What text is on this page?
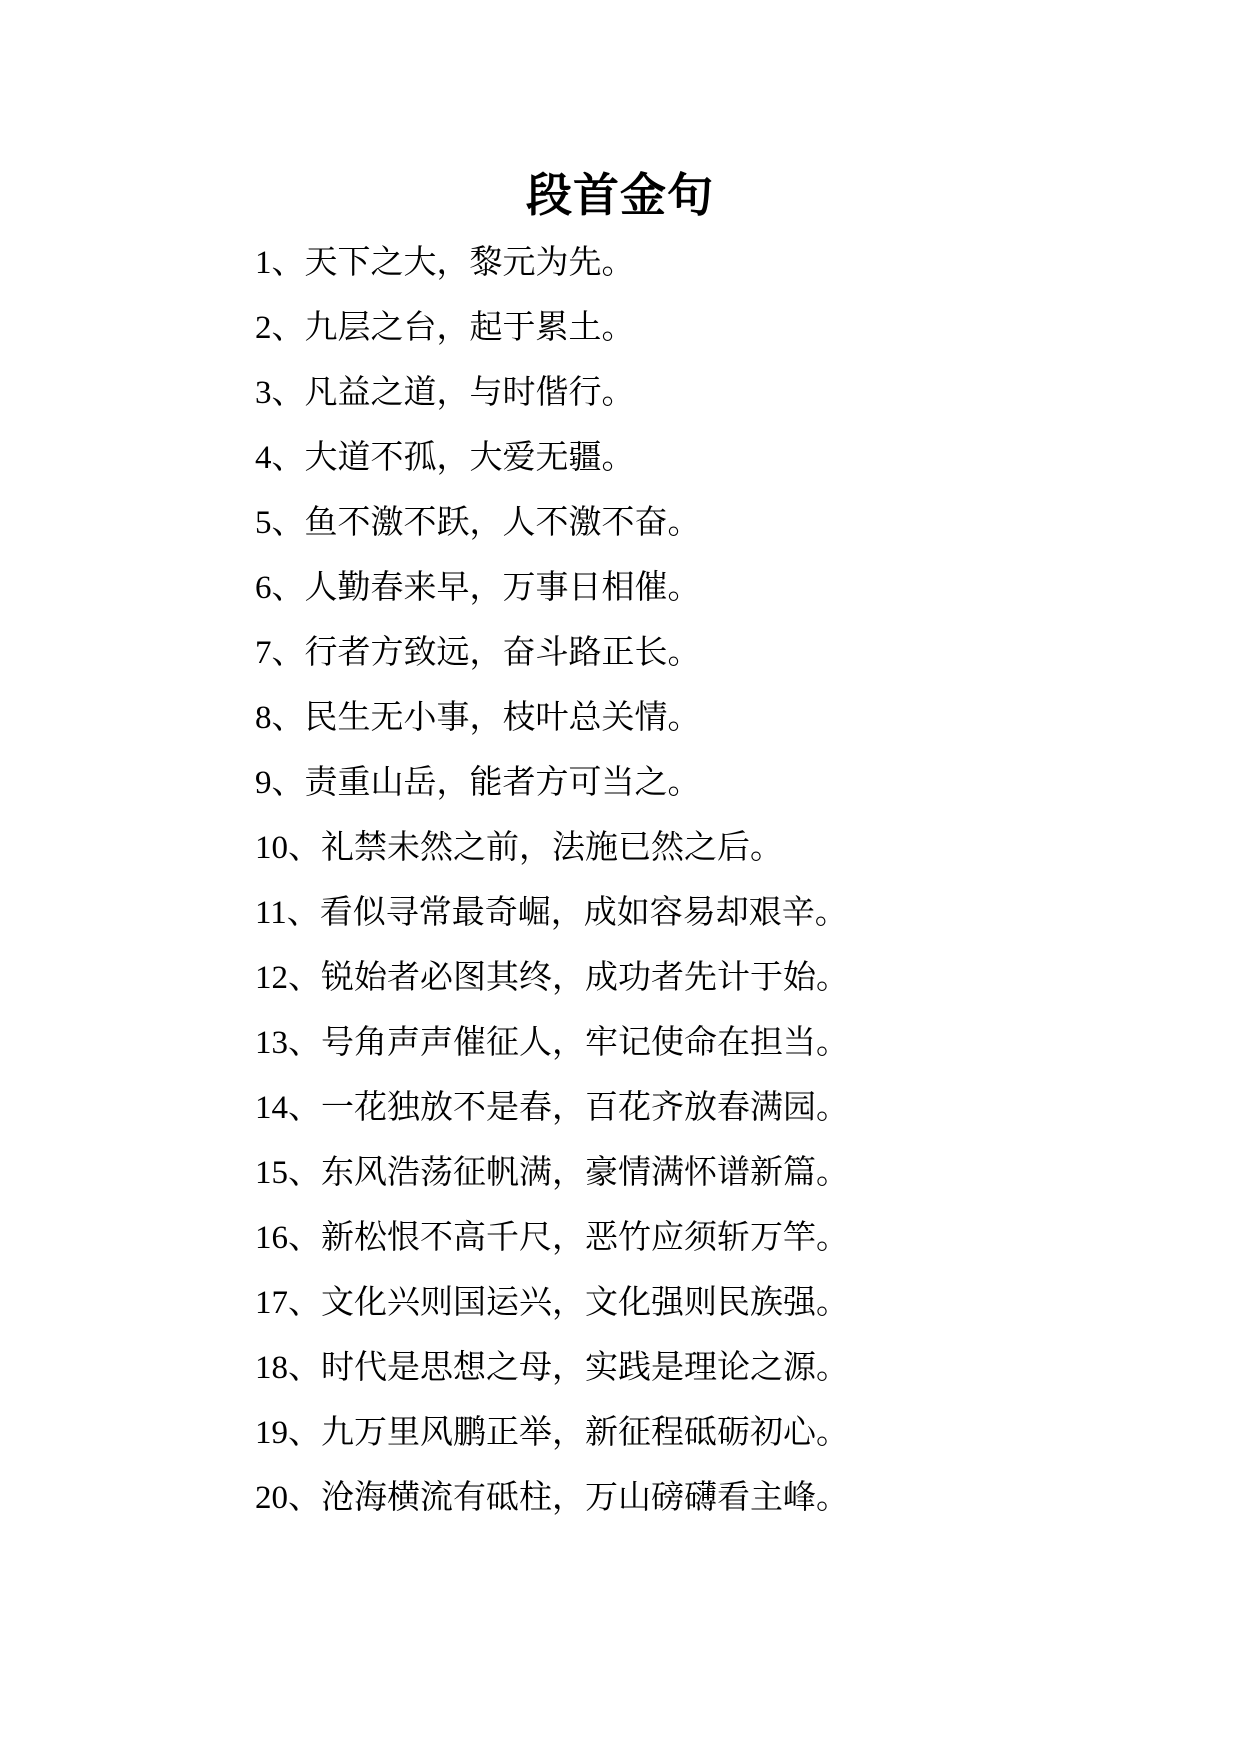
段首金句
1、天下之大，黎元为先。
2、九层之台，起于累土。
3、凡益之道，与时偕行。
4、大道不孤，大爱无疆。
5、鱼不激不跃，人不激不奋。
6、人勤春来早，万事日相催。
7、行者方致远，奋斗路正长。
8、民生无小事，枝叶总关情。
9、责重山岳，能者方可当之。
10、礼禁未然之前，法施已然之后。
11、看似寻常最奇崛，成如容易却艰辛。
12、锐始者必图其终，成功者先计于始。
13、号角声声催征人，牢记使命在担当。
14、一花独放不是春，百花齐放春满园。
15、东风浩荡征帆满，豪情满怀谱新篇。
16、新松恨不高千尺，恶竹应须斩万竿。
17、文化兴则国运兴，文化强则民族强。
18、时代是思想之母，实践是理论之源。
19、九万里风鹏正举，新征程砥砺初心。
20、沧海横流有砥柱，万山磅礴看主峰。
